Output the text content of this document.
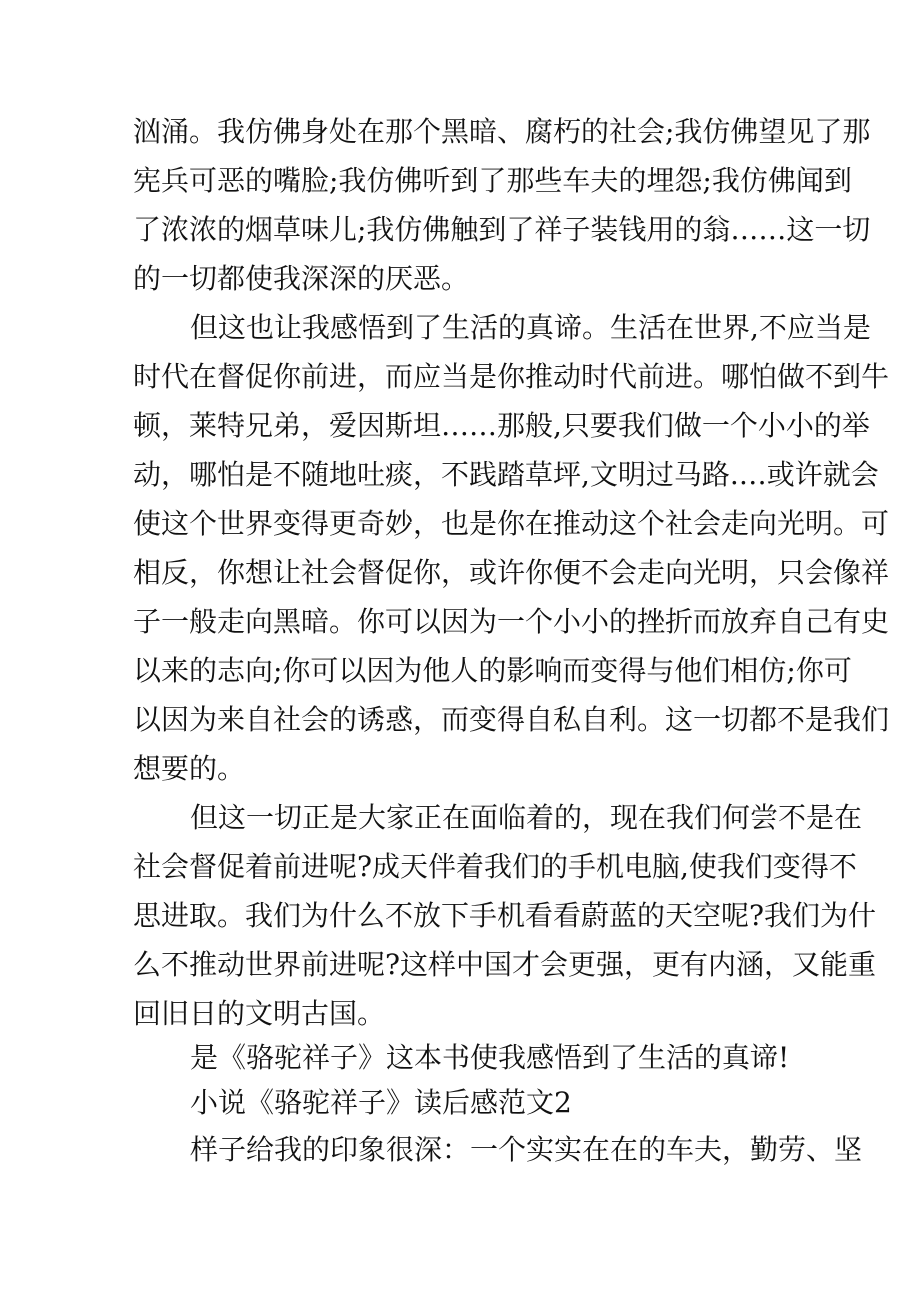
汹涌。我仿佛身处在那个黑暗、腐朽的社会;我仿佛望见了那
宪兵可恶的嘴脸;我仿佛听到了那些车夫的埋怨;我仿佛闻到
了浓浓的烟草味儿;我仿佛触到了祥子装钱用的翁……这一切
的一切都使我深深的厌恶。
但这也让我感悟到了生活的真谛。生活在世界,不应当是
时代在督促你前进，而应当是你推动时代前进。哪怕做不到牛
顿，莱特兄弟，爱因斯坦……那般,只要我们做一个小小的举
动，哪怕是不随地吐痰，不践踏草坪,文明过马路.…或许就会
使这个世界变得更奇妙，也是你在推动这个社会走向光明。可
相反，你想让社会督促你，或许你便不会走向光明，只会像祥
子一般走向黑暗。你可以因为一个小小的挫折而放弃自己有史
以来的志向;你可以因为他人的影响而变得与他们相仿;你可
以因为来自社会的诱惑，而变得自私自利。这一切都不是我们
想要的。
但这一切正是大家正在面临着的，现在我们何尝不是在
社会督促着前进呢?成天伴着我们的手机电脑,使我们变得不
思进取。我们为什么不放下手机看看蔚蓝的天空呢?我们为什
么不推动世界前进呢?这样中国才会更强，更有内涵，又能重
回旧日的文明古国。
是《骆驼祥子》这本书使我感悟到了生活的真谛!
小说《骆驼祥子》读后感范文2
样子给我的印象很深：一个实实在在的车夫，勤劳、坚
